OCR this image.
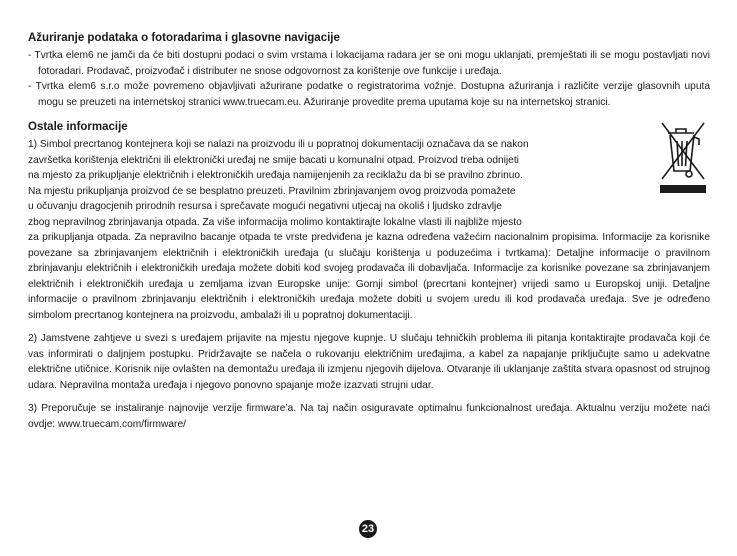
Ažuriranje podataka o fotoradarima i glasovne navigacije

- Tvrtka elem6 ne jamči da će biti dostupni podaci o svim vrstama i lokacijama radara jer se oni mogu uklanjati, premještati ili se mogu postavljati novi fotoradari. Prodavač, proizvođač i distributer ne snose odgovornost za korištenje ove funkcije i uređaja.

- Tvrtka elem6 s.r.o može povremeno objavljivati ažurirane podatke o registratorima vožnje. Dostupna ažuriranja i različite verzije glasovnih uputa mogu se preuzeti na internetskoj stranici www.truecam.eu. Ažuriranje provedite prema uputama koje su na internetskoj stranici.

Ostale informacije
1) Simbol precrtanog kontejnera koji se nalazi na proizvodu ili u popratnoj dokumentaciji označava da se nakon
završetka korištenja električni ili elektronički uređaj ne smije bacati u komunalni otpad. Proizvod treba odnijeti
na mjesto za prikupljanje električnih i elektroničkih uređaja namijenjenih za reciklažu da bi se pravilno zbrinuo.
Na mjestu prikupljanja proizvod će se besplatno preuzeti. Pravilnim zbrinjavanjem ovog proizvoda pomažete
u očuvanju dragocjenih prirodnih resursa i sprečavate mogući negativni utjecaj na okoliš i ljudsko zdravlje
zbog nepravilnog zbrinjavanja otpada. Za više informacija molimo kontaktirajte lokalne vlasti ili najbliže mjesto

za prikupljanja otpada. Za nepravilno bacanje otpada te vrste predviđena je kazna određena važećim nacionalnim propisima. Informacije za korisnike povezane sa zbrinjavanjem električnih i elektroničkih uređaja (u slučaju korištenja u poduzećima i tvrtkama): Detaljne informacije o pravilnom zbrinjavanju električnih i elektroničkih uređaja možete dobiti kod svojeg prodavača ili dobavljača. Informacije za korisnike povezane sa zbrinjavanjem električnih i elektroničkih uređaja u zemljama izvan Europske unije: Gornji simbol (precrtani kontejner) vrijedi samo u Europskoj uniji. Detaljne informacije o pravilnom zbrinjavanju električnih i elektroničkih uređaja možete dobiti u svojem uredu ili kod prodavača uređaja. Sve je određeno simbolom precrtanog kontejnera na proizvodu, ambalaži ili u popratnoj dokumentaciji.

2) Jamstvene zahtjeve u svezi s uređajem prijavite na mjestu njegove kupnje. U slučaju tehničkih problema ili pitanja kontaktirajte prodavača koji će vas informirati o daljnjem postupku. Pridržavajte se načela o rukovanju električnim uređajima, a kabel za napajanje priključujte samo u adekvatne električne utičnice. Korisnik nije ovlašten na demontažu uređaja ili izmjenu njegovih dijelova. Otvaranje ili uklanjanje zaštita stvara opasnost od strujnog udara. Nepravilna montaža uređaja i njegovo ponovno spajanje može izazvati strujni udar.

3) Preporučuje se instaliranje najnovije verzije firmware’a. Na taj način osiguravate optimalnu funkcionalnost uređaja. Aktualnu verziju možete naći ovdje: www.truecam.com/firmware/

23
